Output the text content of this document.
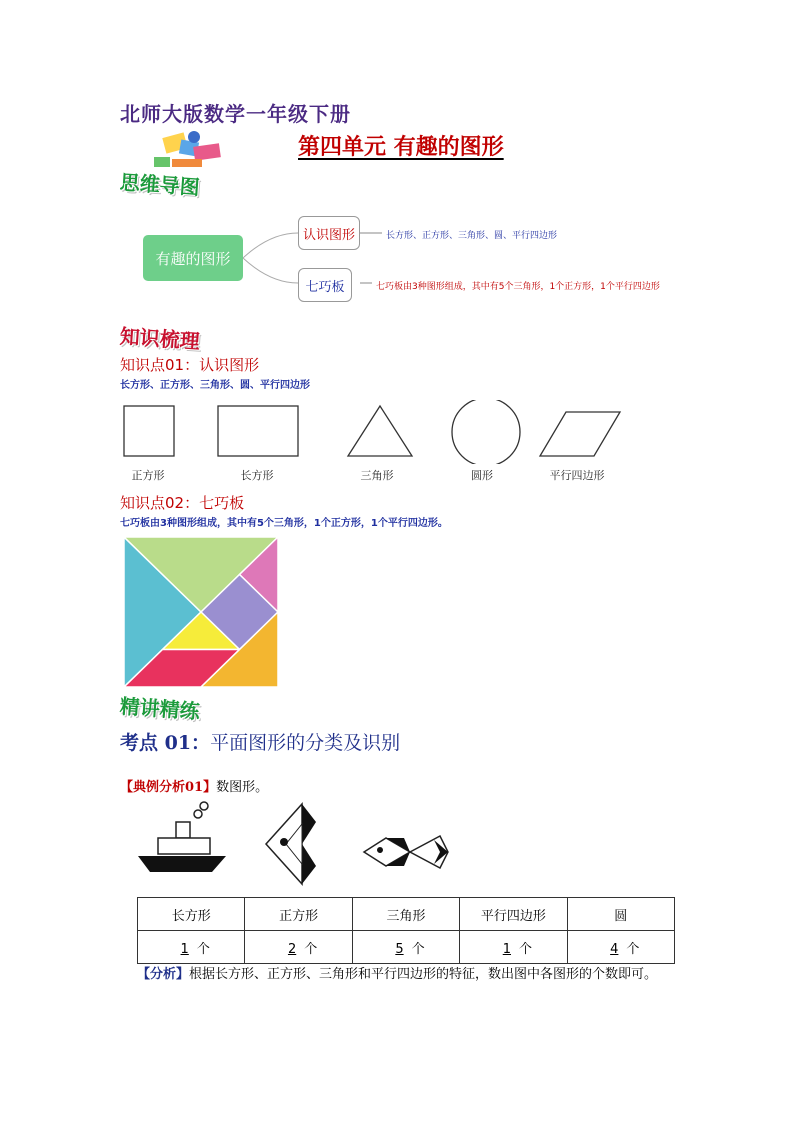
北师大版数学一年级下册
第四单元 有趣的图形
思维导图
有趣的图形
认识图形	长方形、正方形、三角形、圆、平行四边形
七巧板	七巧板由3种图形组成，其中有5个三角形，1个正方形，1个平行四边形
知识梳理
知识点01：认识图形
长方形、正方形、三角形、圆、平行四边形
正方形	长方形	三角形	圆形	平行四边形
知识点02：七巧板
七巧板由3种图形组成，其中有5个三角形，1个正方形，1个平行四边形。
精讲精练
考点 01：平面图形的分类及识别
【典例分析01】数图形。
长方形	正方形	三角形	平行四边形	圆
1 个	2 个	5 个	1 个	4 个
【分析】根据长方形、正方形、三角形和平行四边形的特征，数出图中各图形的个数即可。
